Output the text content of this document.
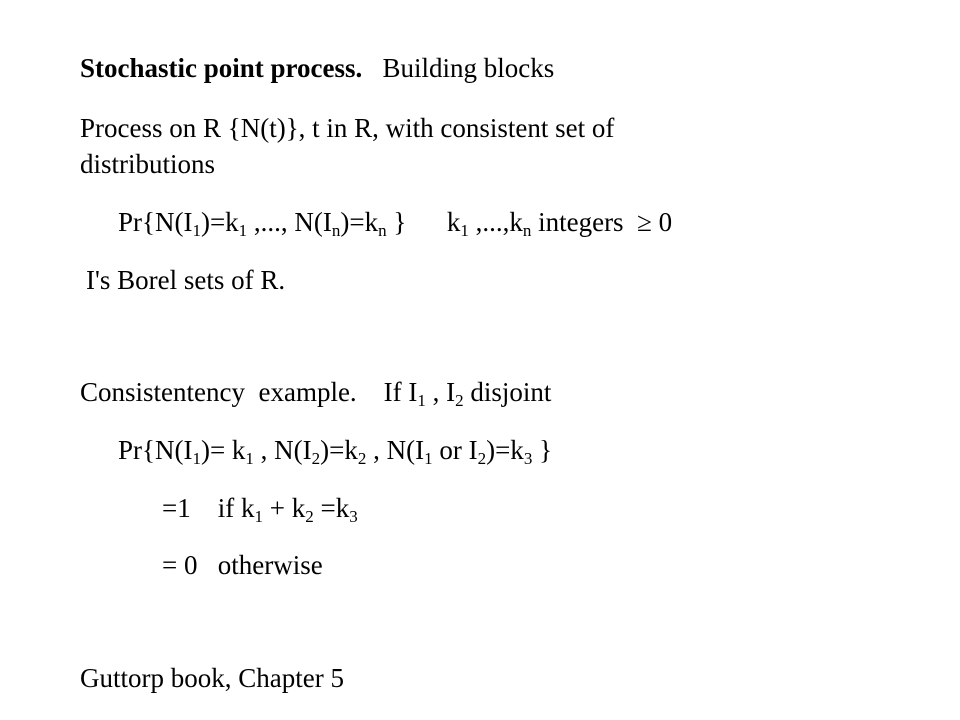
Stochastic point process. Building blocks
Process on R {N(t)}, t in R, with consistent set of
distributions
$Pr\{N(I_1)=k_1$ ,..., $N(I_n)=k_n$ }      $k_1$ $,...,k_n$ integers  ≥ 0
I's Borel sets of R.
Consistentency  example.    If $I_1$ , $I_2$ disjoint
$Pr\{N(I_1)= k_1$ , $N(I_2)=k_2$ , $N(I_1$ or $I_2)=k_3$ }
=1    if $k_1 + k_2 =k_3$
= 0   otherwise
Guttorp book, Chapter 5
